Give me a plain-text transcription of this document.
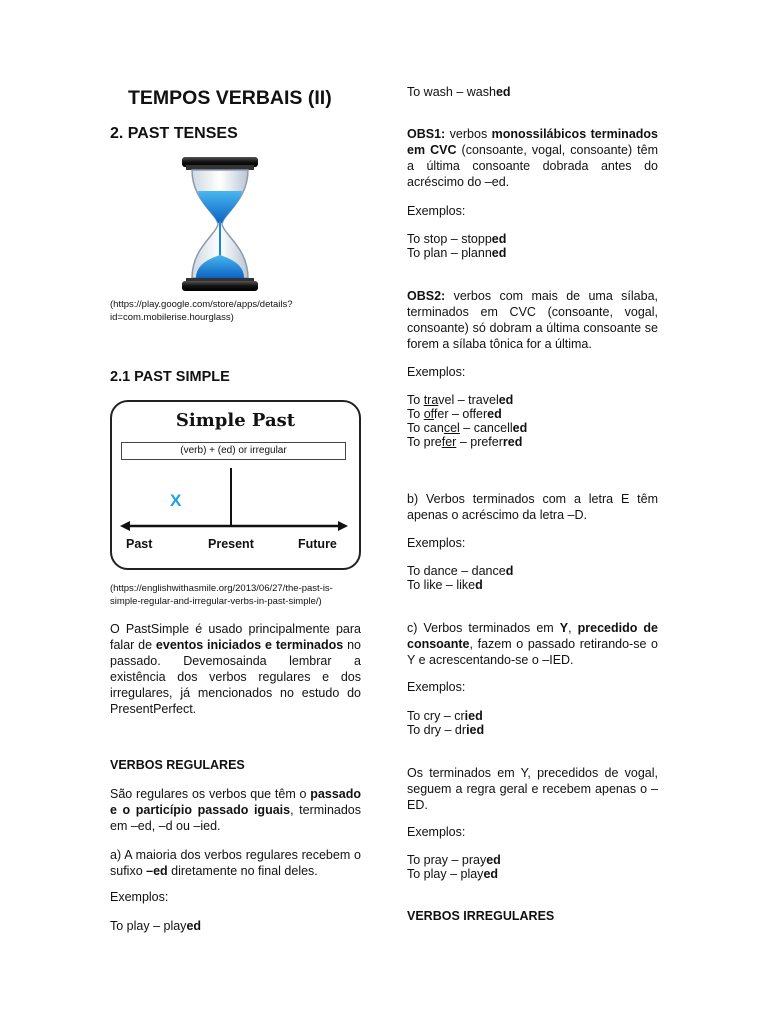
TEMPOS VERBAIS (II)
2. PAST TENSES

(https://play.google.com/store/apps/details?id=com.mobilerise.hourglass)

2.1 PAST SIMPLE
Simple Past
(verb) + (ed) or irregular
X
Past	Present	Future

(https://englishwithasmile.org/2013/06/27/the-past-is-simple-regular-and-irregular-verbs-in-past-simple/)

O PastSimple é usado principalmente para falar de eventos iniciados e terminados no passado. Devemosainda lembrar a existência dos verbos regulares e dos irregulares, já mencionados no estudo do PresentPerfect.

VERBOS REGULARES

São regulares os verbos que têm o passado e o particípio passado iguais, terminados em –ed, –d ou –ied.

a) A maioria dos verbos regulares recebem o sufixo –ed diretamente no final deles.

Exemplos:

To play – played

To wash – washed

OBS1: verbos monossilábicos terminados em CVC (consoante, vogal, consoante) têm a última consoante dobrada antes do acréscimo do –ed.

Exemplos:

To stop – stopped
To plan – planned

OBS2: verbos com mais de uma sílaba, terminados em CVC (consoante, vogal, consoante) só dobram a última consoante se forem a sílaba tônica for a última.

Exemplos:

To travel – traveled
To offer – offered
To cancel – cancelled
To prefer – preferred

b) Verbos terminados com a letra E têm apenas o acréscimo da letra –D.

Exemplos:

To dance – danced
To like – liked

c) Verbos terminados em Y, precedido de consoante, fazem o passado retirando-se o Y e acrescentando-se o –IED.

Exemplos:

To cry – cried
To dry – dried

Os terminados em Y, precedidos de vogal, seguem a regra geral e recebem apenas o –ED.

Exemplos:

To pray – prayed
To play – played
VERBOS IRREGULARES
